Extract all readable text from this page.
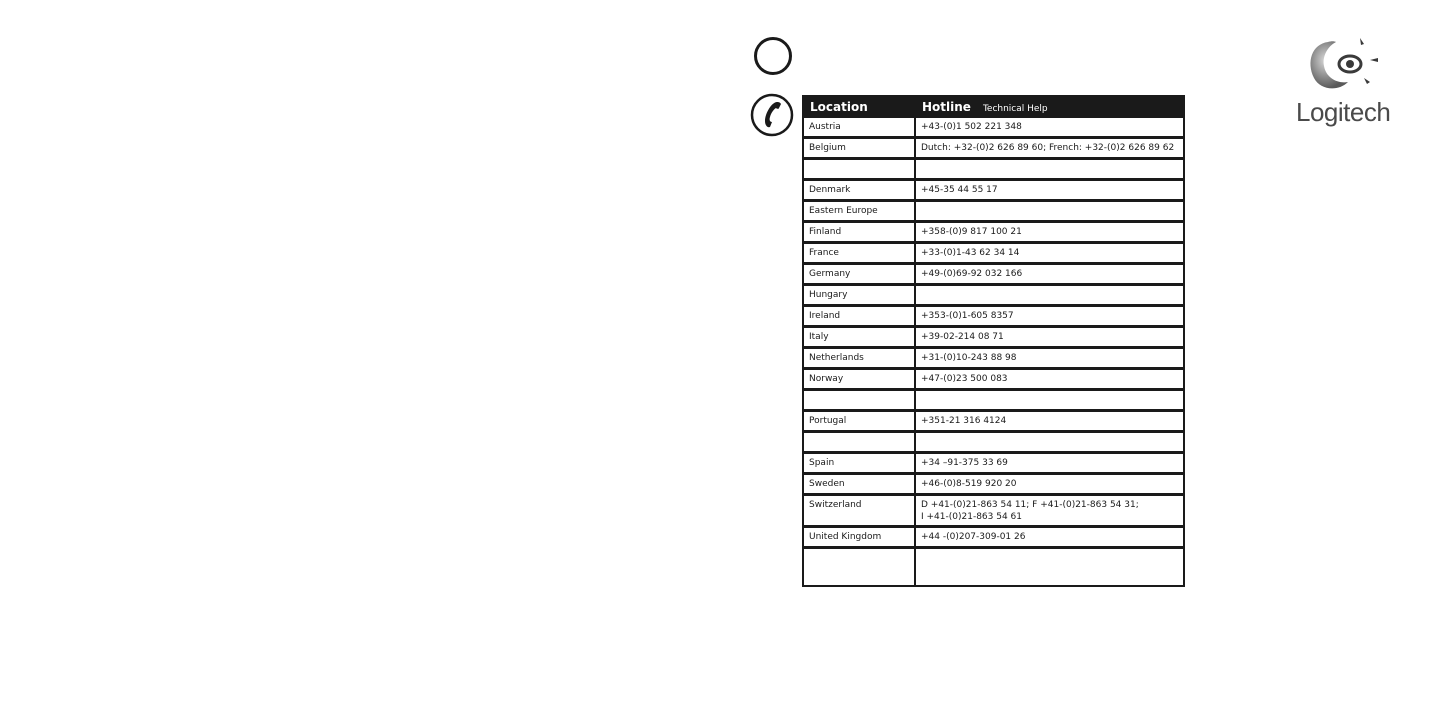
Logitech
Location	Hotline Technical Help
Austria	+43-(0)1 502 221 348
Belgium	Dutch: +32-(0)2 626 89 60; French: +32-(0)2 626 89 62
Denmark	+45-35 44 55 17
Eastern Europe
Finland	+358-(0)9 817 100 21
France	+33-(0)1-43 62 34 14
Germany	+49-(0)69-92 032 166
Hungary
Ireland	+353-(0)1-605 8357
Italy	+39-02-214 08 71
Netherlands	+31-(0)10-243 88 98
Norway	+47-(0)23 500 083
Portugal	+351-21 316 4124
Spain	+34 –91-375 33 69
Sweden	+46-(0)8-519 920 20
Switzerland	D +41-(0)21-863 54 11; F +41-(0)21-863 54 31;
I +41-(0)21-863 54 61
United Kingdom	+44 -(0)207-309-01 26
